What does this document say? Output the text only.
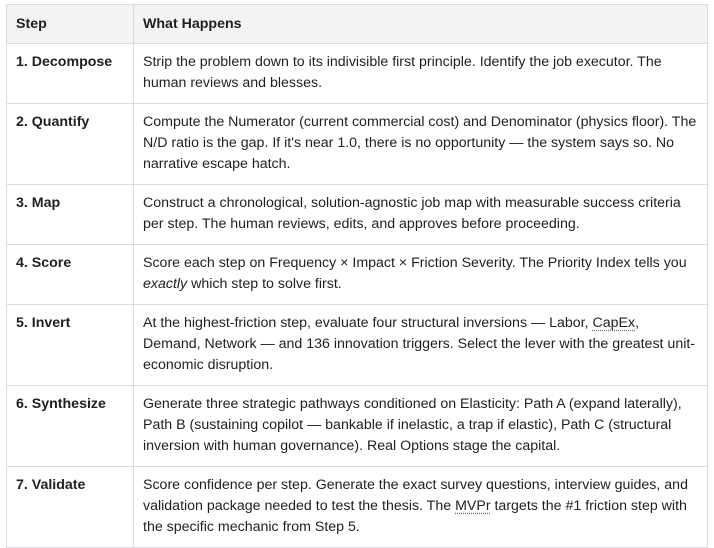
Step	What Happens
1. Decompose	Strip the problem down to its indivisible first principle. Identify the job executor. The human reviews and blesses.
2. Quantify	Compute the Numerator (current commercial cost) and Denominator (physics floor). The N/D ratio is the gap. If it's near 1.0, there is no opportunity — the system says so. No narrative escape hatch.
3. Map	Construct a chronological, solution-agnostic job map with measurable success criteria per step. The human reviews, edits, and approves before proceeding.
4. Score	Score each step on Frequency × Impact × Friction Severity. The Priority Index tells you exactly which step to solve first.
5. Invert	At the highest-friction step, evaluate four structural inversions — Labor, CapEx, Demand, Network — and 136 innovation triggers. Select the lever with the greatest unit-economic disruption.
6. Synthesize	Generate three strategic pathways conditioned on Elasticity: Path A (expand laterally), Path B (sustaining copilot — bankable if inelastic, a trap if elastic), Path C (structural inversion with human governance). Real Options stage the capital.
7. Validate	Score confidence per step. Generate the exact survey questions, interview guides, and validation package needed to test the thesis. The MVPr targets the #1 friction step with the specific mechanic from Step 5.
